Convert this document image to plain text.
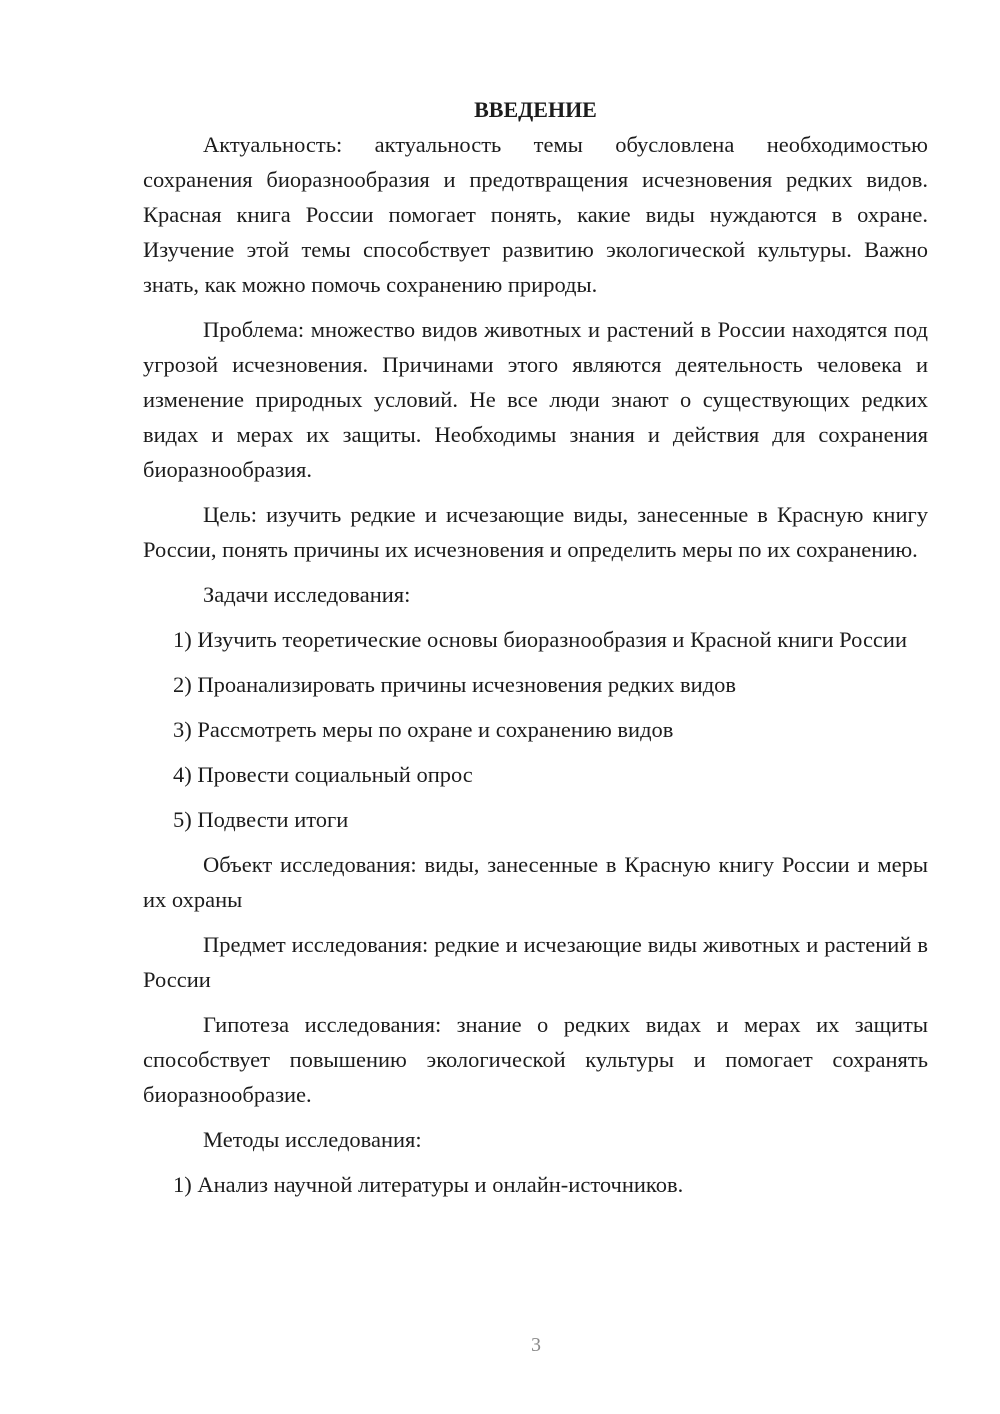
ВВЕДЕНИЕ

Актуальность: актуальность темы обусловлена необходимостью сохранения биоразнообразия и предотвращения исчезновения редких видов. Красная книга России помогает понять, какие виды нуждаются в охране. Изучение этой темы способствует развитию экологической культуры. Важно знать, как можно помочь сохранению природы.

Проблема: множество видов животных и растений в России находятся под угрозой исчезновения. Причинами этого являются деятельность человека и изменение природных условий. Не все люди знают о существующих редких видах и мерах их защиты. Необходимы знания и действия для сохранения биоразнообразия.

Цель: изучить редкие и исчезающие виды, занесенные в Красную книгу России, понять причины их исчезновения и определить меры по их сохранению.

Задачи исследования:

1) Изучить теоретические основы биоразнообразия и Красной книги России

2) Проанализировать причины исчезновения редких видов

3) Рассмотреть меры по охране и сохранению видов

4) Провести социальный опрос

5) Подвести итоги

Объект исследования: виды, занесенные в Красную книгу России и меры их охраны

Предмет исследования: редкие и исчезающие виды животных и растений в России

Гипотеза исследования: знание о редких видах и мерах их защиты способствует повышению экологической культуры и помогает сохранять биоразнообразие.

Методы исследования:

1) Анализ научной литературы и онлайн-источников.

3
